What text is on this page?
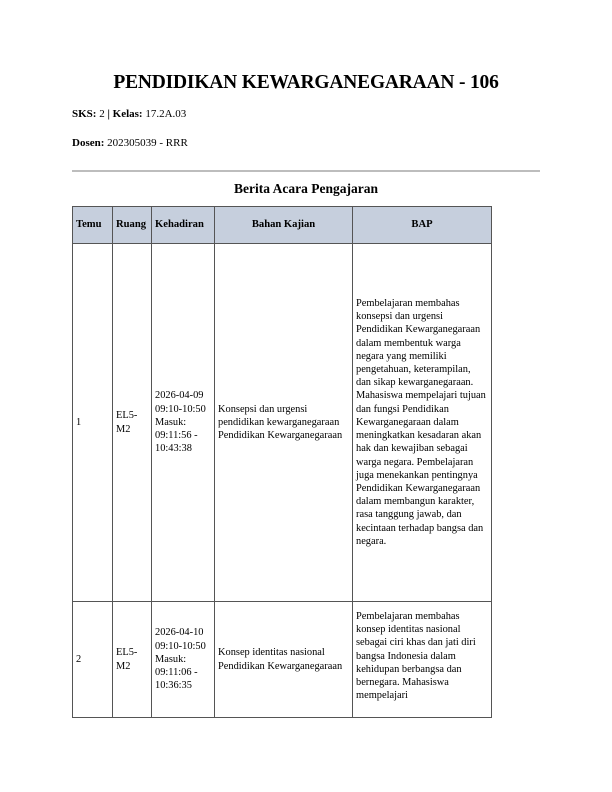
PENDIDIKAN KEWARGANEGARAAN - 106
SKS: 2 | Kelas: 17.2A.03
Dosen: 202305039 - RRR
Berita Acara Pengajaran
Temu	Ruang	Kehadiran	Bahan Kajian	BAP
1	EL5-M2	2026-04-09 09:10-10:50 Masuk: 09:11:56 - 10:43:38	Konsepsi dan urgensi pendidikan kewarganegaraan Pendidikan Kewarganegaraan	Pembelajaran membahas konsepsi dan urgensi Pendidikan Kewarganegaraan dalam membentuk warga negara yang memiliki pengetahuan, keterampilan, dan sikap kewarganegaraan. Mahasiswa mempelajari tujuan dan fungsi Pendidikan Kewarganegaraan dalam meningkatkan kesadaran akan hak dan kewajiban sebagai warga negara. Pembelajaran juga menekankan pentingnya Pendidikan Kewarganegaraan dalam membangun karakter, rasa tanggung jawab, dan kecintaan terhadap bangsa dan negara.
2	EL5-M2	2026-04-10 09:10-10:50 Masuk: 09:11:06 - 10:36:35	Konsep identitas nasional Pendidikan Kewarganegaraan	Pembelajaran membahas konsep identitas nasional sebagai ciri khas dan jati diri bangsa Indonesia dalam kehidupan berbangsa dan bernegara. Mahasiswa mempelajari
